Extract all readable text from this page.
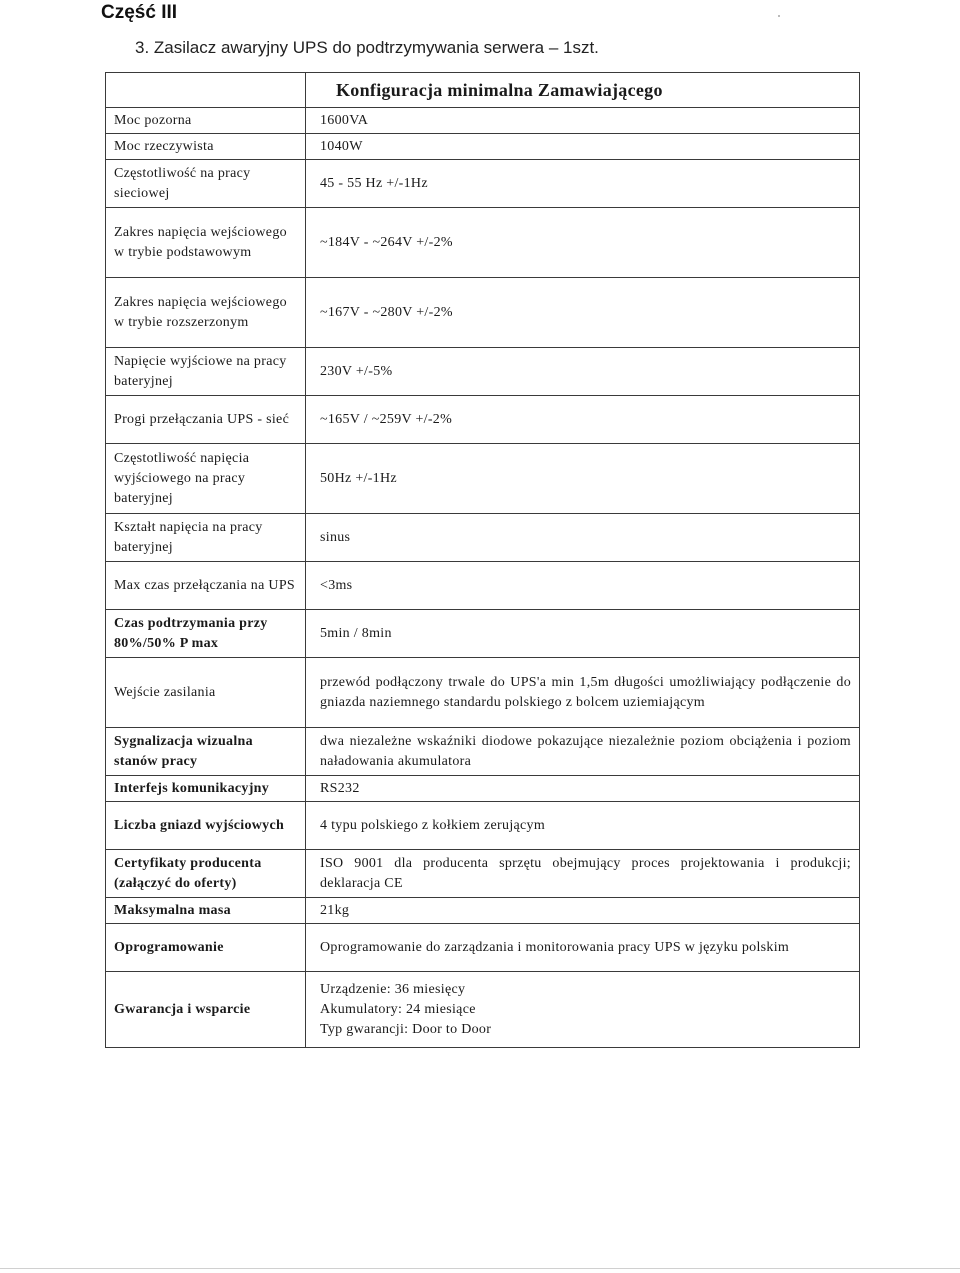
Część III
3. Zasilacz awaryjny UPS do podtrzymywania serwera – 1szt.
	Konfiguracja minimalna Zamawiającego
Moc pozorna	1600VA

Moc rzeczywista	1040W

Częstotliwość na pracy sieciowej	45 - 55 Hz +/-1Hz

Zakres napięcia wejściowego w trybie podstawowym	~184V - ~264V +/-2%

Zakres napięcia wejściowego w trybie rozszerzonym	~167V - ~280V +/-2%

Napięcie wyjściowe na pracy bateryjnej	230V +/-5%

Progi przełączania UPS - sieć	~165V / ~259V +/-2%

Częstotliwość napięcia wyjściowego na pracy bateryjnej	50Hz +/-1Hz

Kształt napięcia na pracy bateryjnej	sinus

Max czas przełączania na UPS	<3ms

Czas podtrzymania przy 80%/50% P max	5min / 8min

Wejście zasilania	przewód podłączony trwale do UPS'a min 1,5m długości umożliwiający podłączenie do gniazda naziemnego standardu polskiego z bolcem uziemiającym

Sygnalizacja wizualna stanów pracy	dwa niezależne wskaźniki diodowe pokazujące niezależnie poziom obciążenia i poziom naładowania akumulatora

Interfejs komunikacyjny	RS232

Liczba gniazd wyjściowych	4 typu polskiego z kołkiem zerującym

Certyfikaty producenta (załączyć do oferty)	ISO 9001 dla producenta sprzętu obejmujący proces projektowania i produkcji; deklaracja CE

Maksymalna masa	21kg

Oprogramowanie	Oprogramowanie do zarządzania i monitorowania pracy UPS w języku polskim

Gwarancja i wsparcie	Urządzenie: 36 miesięcy
Akumulatory: 24 miesiące
Typ gwarancji: Door to Door
